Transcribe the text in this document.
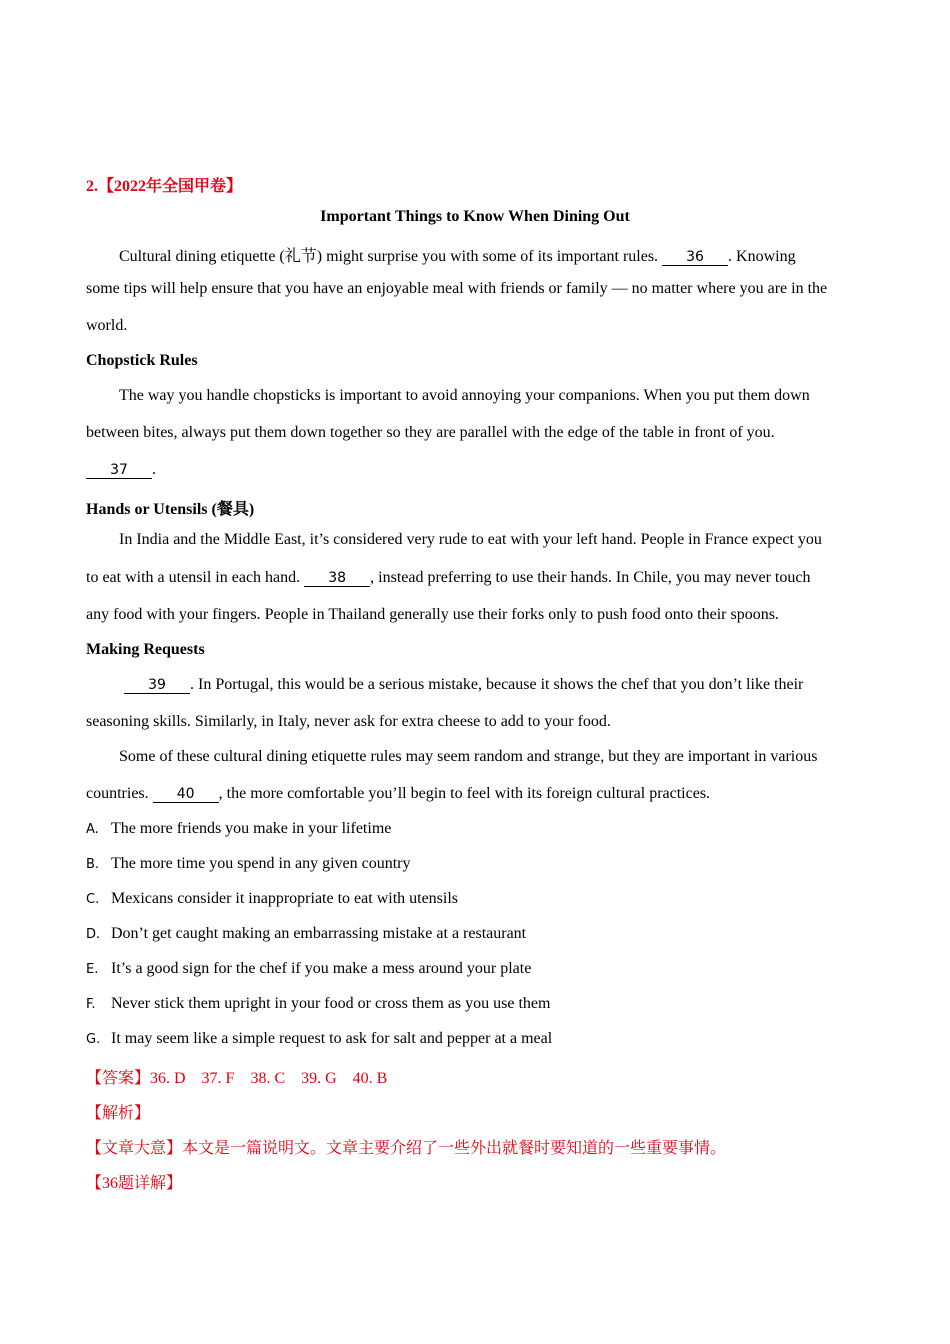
2.【2022年全国甲卷】
Important Things to Know When Dining Out
Cultural dining etiquette (礼节) might surprise you with some of its important rules. 36 . Knowing
some tips will help ensure that you have an enjoyable meal with friends or family — no matter where you are in the
world.
Chopstick Rules
The way you handle chopsticks is important to avoid annoying your companions. When you put them down
between bites, always put them down together so they are parallel with the edge of the table in front of you.
37 .
Hands or Utensils (餐具)
In India and the Middle East, it’s considered very rude to eat with your left hand. People in France expect you
to eat with a utensil in each hand. 38 , instead preferring to use their hands. In Chile, you may never touch
any food with your fingers. People in Thailand generally use their forks only to push food onto their spoons.
Making Requests
39 . In Portugal, this would be a serious mistake, because it shows the chef that you don’t like their
seasoning skills. Similarly, in Italy, never ask for extra cheese to add to your food.
Some of these cultural dining etiquette rules may seem random and strange, but they are important in various
countries. 40 , the more comfortable you’ll begin to feel with its foreign cultural practices.
A. The more friends you make in your lifetime
B. The more time you spend in any given country
C. Mexicans consider it inappropriate to eat with utensils
D. Don’t get caught making an embarrassing mistake at a restaurant
E. It’s a good sign for the chef if you make a mess around your plate
F. Never stick them upright in your food or cross them as you use them
G. It may seem like a simple request to ask for salt and pepper at a meal
【答案】36. D    37. F    38. C    39. G    40. B
【解析】
【文章大意】本文是一篇说明文。文章主要介绍了一些外出就餐时要知道的一些重要事情。
【36题详解】
